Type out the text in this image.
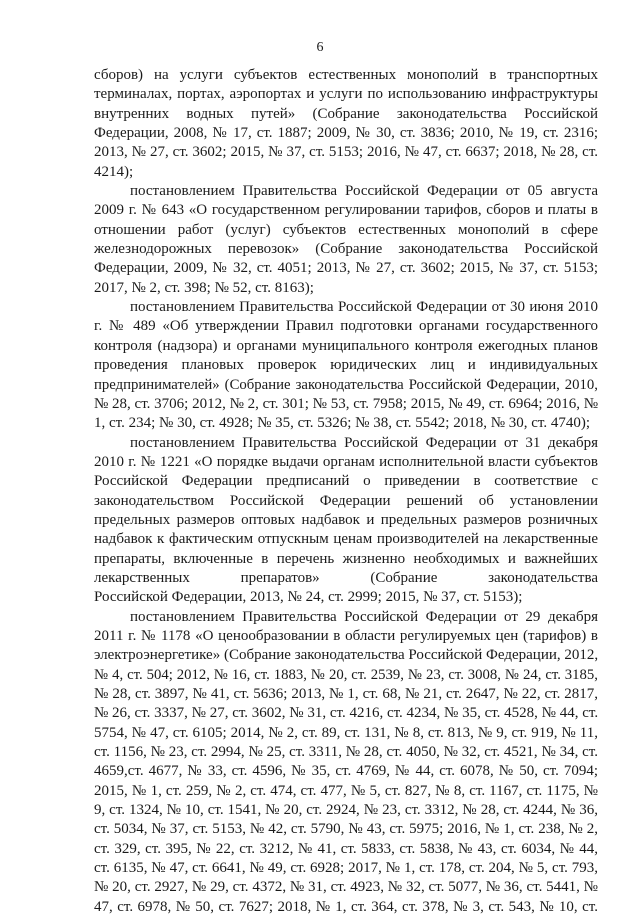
6
сборов) на услуги субъектов естественных монополий в транспортных
терминалах, портах, аэропортах и услуги по использованию инфраструктуры
внутренних водных путей» (Собрание законодательства Российской
Федерации, 2008, № 17, ст. 1887; 2009, № 30, ст. 3836; 2010, № 19, ст. 2316;
2013, № 27, ст. 3602; 2015, № 37, ст. 5153; 2016, № 47, ст. 6637; 2018, № 28, ст.
4214);
постановлением Правительства Российской Федерации от 05 августа
2009 г. № 643 «О государственном регулировании тарифов, сборов и платы в
отношении работ (услуг) субъектов естественных монополий в сфере
железнодорожных перевозок» (Собрание законодательства Российской
Федерации, 2009, № 32, ст. 4051; 2013, № 27, ст. 3602; 2015, № 37, ст. 5153;
2017, № 2, ст. 398; № 52, ст. 8163);
постановлением Правительства Российской Федерации от 30 июня 2010
г. № 489 «Об утверждении Правил подготовки органами государственного
контроля (надзора) и органами муниципального контроля ежегодных планов
проведения плановых проверок юридических лиц и индивидуальных
предпринимателей» (Собрание законодательства Российской Федерации, 2010,
№ 28, ст. 3706; 2012, № 2, ст. 301; № 53, ст. 7958; 2015, № 49, ст. 6964; 2016, №
1, ст. 234; № 30, ст. 4928; № 35, ст. 5326; № 38, ст. 5542; 2018, № 30, ст. 4740);
постановлением Правительства Российской Федерации от 31 декабря
2010 г. № 1221 «О порядке выдачи органам исполнительной власти субъектов
Российской Федерации предписаний о приведении в соответствие с
законодательством Российской Федерации решений об установлении
предельных размеров оптовых надбавок и предельных размеров розничных
надбавок к фактическим отпускным ценам производителей на лекарственные
препараты, включенные в перечень жизненно необходимых и важнейших
лекарственных препаратов» (Собрание законодательства
Российской Федерации, 2013, № 24, ст. 2999; 2015, № 37, ст. 5153);
постановлением Правительства Российской Федерации от 29 декабря
2011 г. № 1178 «О ценообразовании в области регулируемых цен (тарифов) в
электроэнергетике» (Собрание законодательства Российской Федерации, 2012,
№ 4, ст. 504; 2012, № 16, ст. 1883, № 20, ст. 2539, № 23, ст. 3008, № 24, ст. 3185,
№ 28, ст. 3897, № 41, ст. 5636; 2013, № 1, ст. 68, № 21, ст. 2647, № 22, ст. 2817,
№ 26, ст. 3337, № 27, ст. 3602, № 31, ст. 4216, ст. 4234, № 35, ст. 4528, № 44, ст.
5754, № 47, ст. 6105; 2014, № 2, ст. 89, ст. 131, № 8, ст. 813, № 9, ст. 919, № 11,
ст. 1156, № 23, ст. 2994, № 25, ст. 3311, № 28, ст. 4050, № 32, ст. 4521, № 34, ст.
4659,ст. 4677, № 33, ст. 4596, № 35, ст. 4769, № 44, ст. 6078, № 50, ст. 7094;
2015, № 1, ст. 259, № 2, ст. 474, ст. 477, № 5, ст. 827, № 8, ст. 1167, ст. 1175, №
9, ст. 1324, № 10, ст. 1541, № 20, ст. 2924, № 23, ст. 3312, № 28, ст. 4244, № 36,
ст. 5034, № 37, ст. 5153, № 42, ст. 5790, № 43, ст. 5975; 2016, № 1, ст. 238, № 2,
ст. 329, ст. 395, № 22, ст. 3212, № 41, ст. 5833, ст. 5838, № 43, ст. 6034, № 44,
ст. 6135, № 47, ст. 6641, № 49, ст. 6928; 2017, № 1, ст. 178, ст. 204, № 5, ст. 793,
№ 20, ст. 2927, № 29, ст. 4372, № 31, ст. 4923, № 32, ст. 5077, № 36, ст. 5441, №
47, ст. 6978, № 50, ст. 7627; 2018, № 1, ст. 364, ст. 378, № 3, ст. 543, № 10, ст.
